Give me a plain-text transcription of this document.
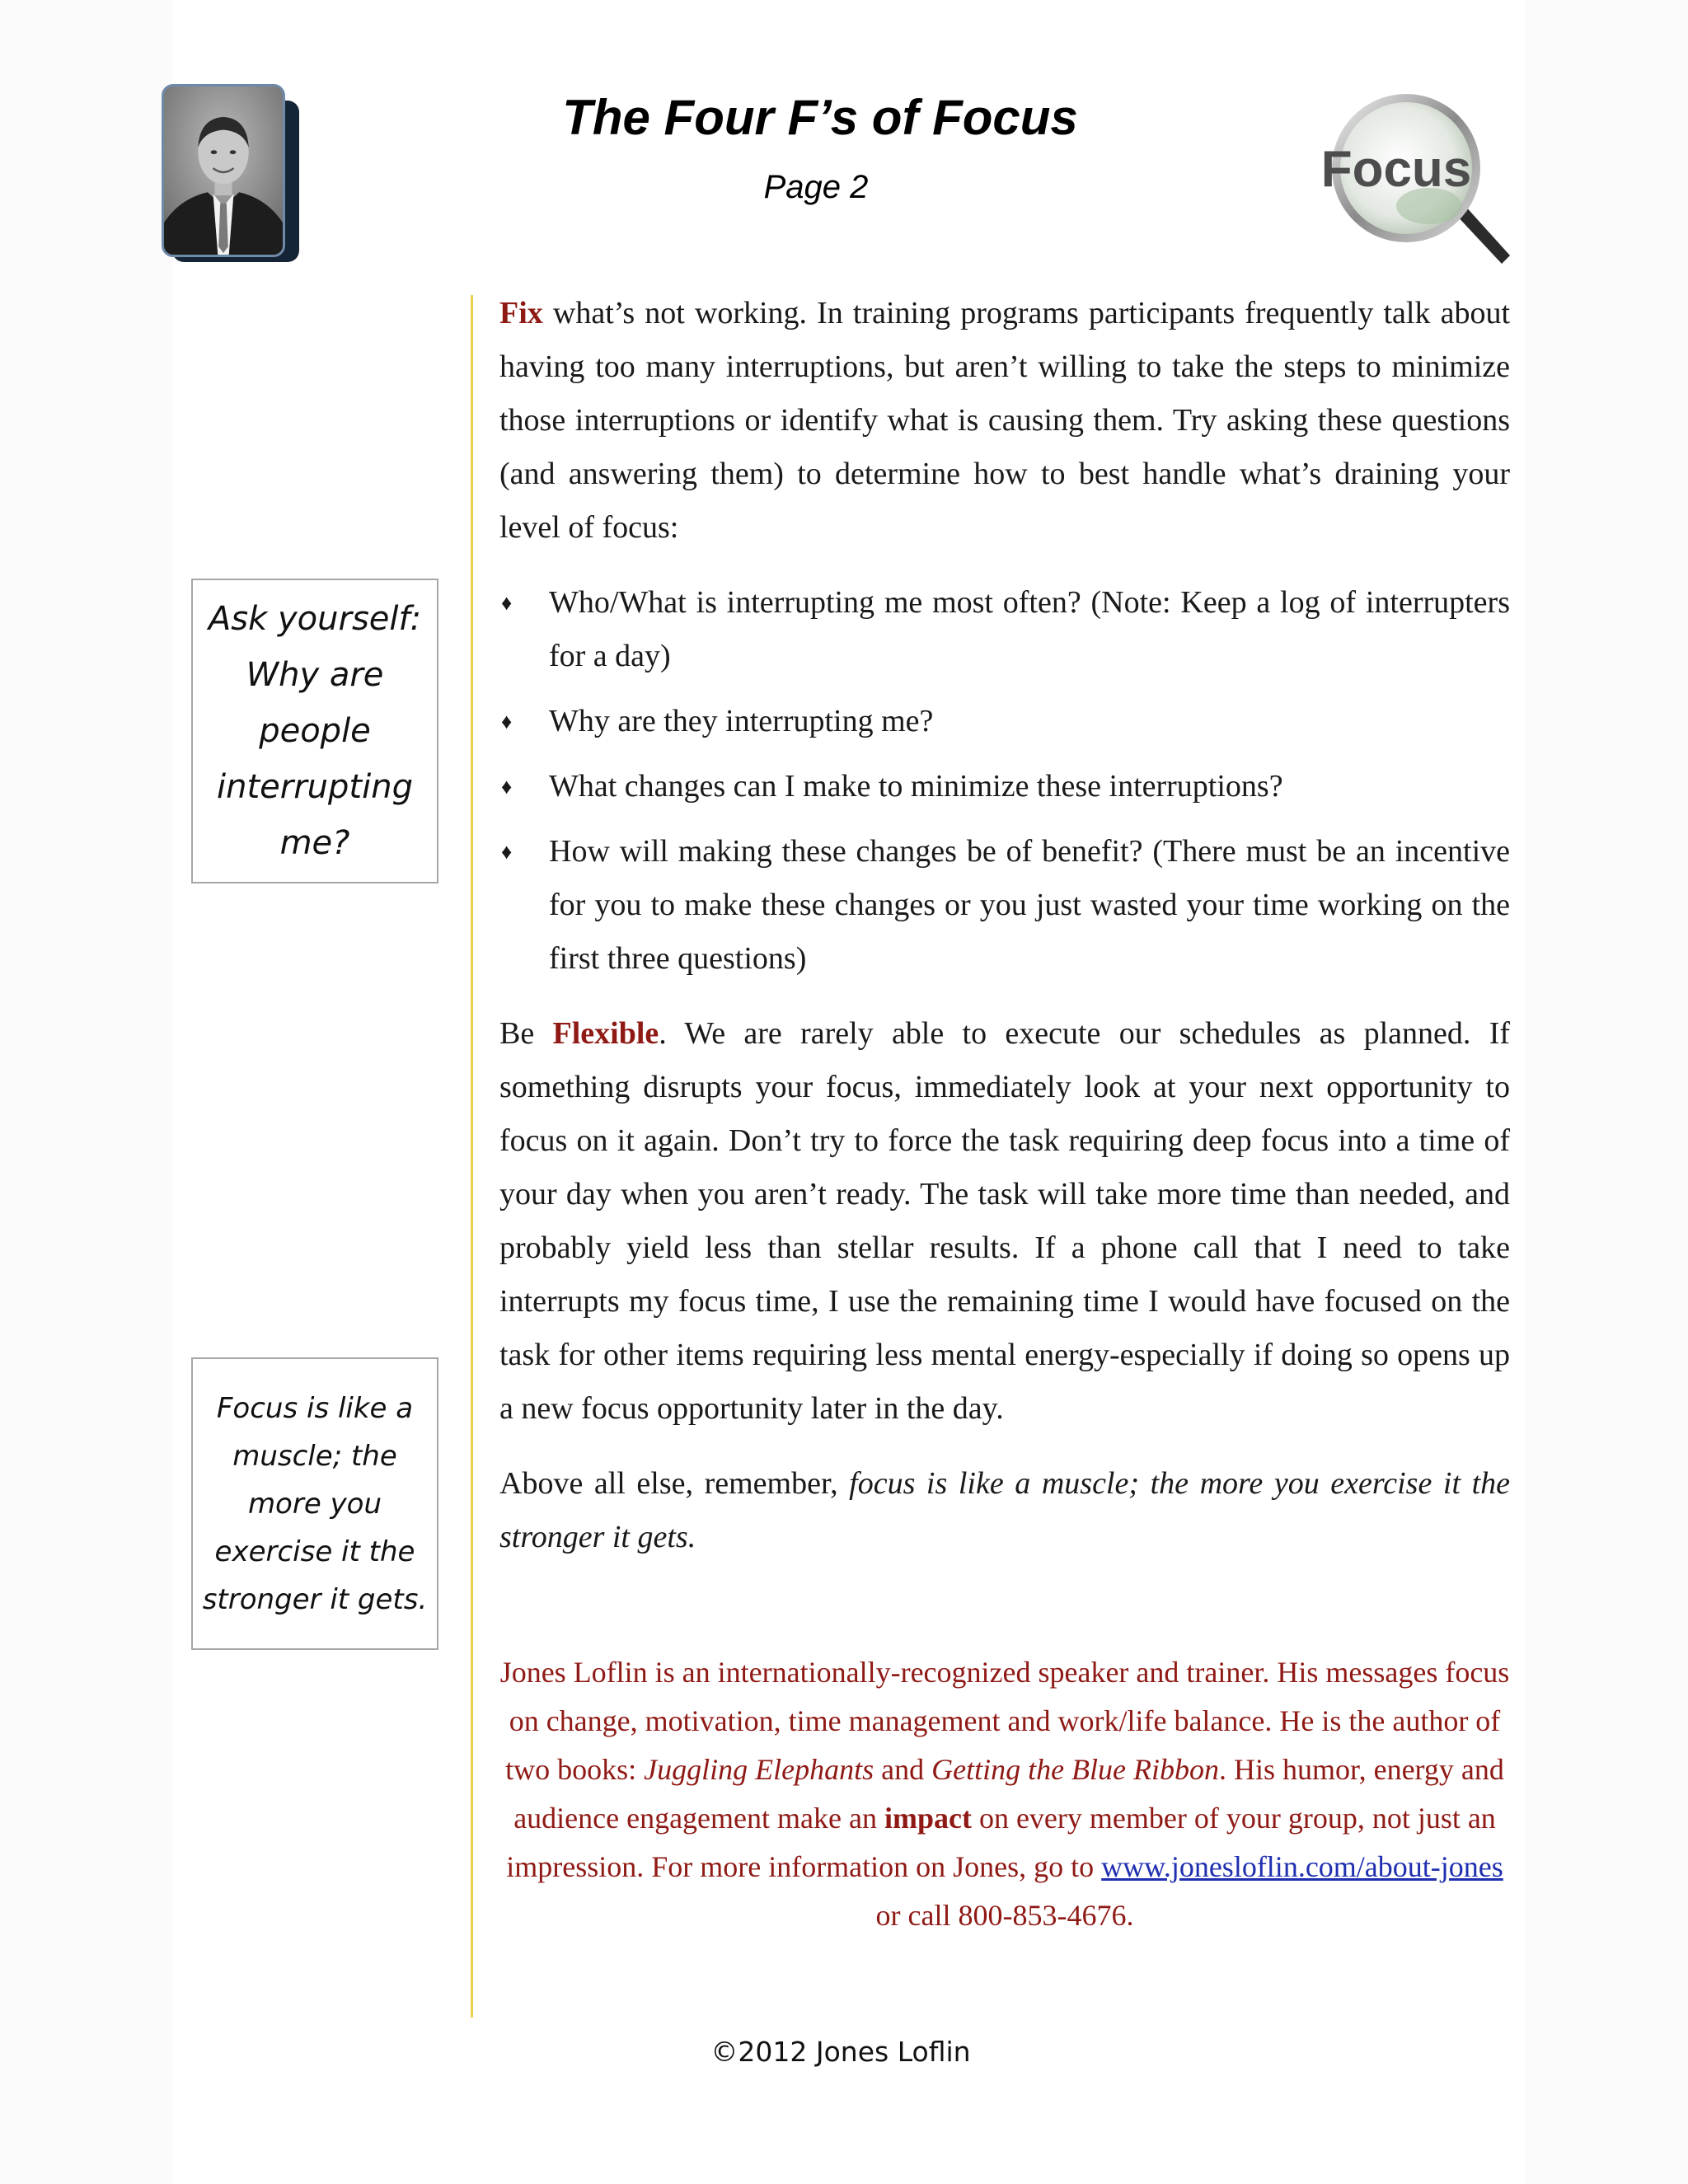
The Four F’s of Focus

Page 2	Focus
Ask yourself:
Why are
people
interrupting
me?
Focus is like a
muscle; the
more you
exercise it the
stronger it gets.

Fix what’s not working. In training programs participants frequently talk about having too many interruptions, but aren’t willing to take the steps to minimize those interruptions or identify what is causing them. Try asking these questions (and answering them) to determine how to best handle what’s draining your level of focus:

♦ Who/What is interrupting me most often? (Note: Keep a log of interrupters for a day)
♦ Why are they interrupting me?
♦ What changes can I make to minimize these interruptions?
♦ How will making these changes be of benefit? (There must be an incentive for you to make these changes or you just wasted your time working on the first three questions)

Be Flexible. We are rarely able to execute our schedules as planned. If something disrupts your focus, immediately look at your next opportunity to focus on it again. Don’t try to force the task requiring deep focus into a time of your day when you aren’t ready. The task will take more time than needed, and probably yield less than stellar results. If a phone call that I need to take interrupts my focus time, I use the remaining time I would have focused on the task for other items requiring less mental energy-especially if doing so opens up a new focus opportunity later in the day.

Above all else, remember, focus is like a muscle; the more you exercise it the stronger it gets.

Jones Loflin is an internationally-recognized speaker and trainer. His messages focus on change, motivation, time management and work/life balance. He is the author of two books: Juggling Elephants and Getting the Blue Ribbon. His humor, energy and audience engagement make an impact on every member of your group, not just an impression. For more information on Jones, go to www.jonesloflin.com/about-jones or call 800-853-4676.

©2012 Jones Loflin
